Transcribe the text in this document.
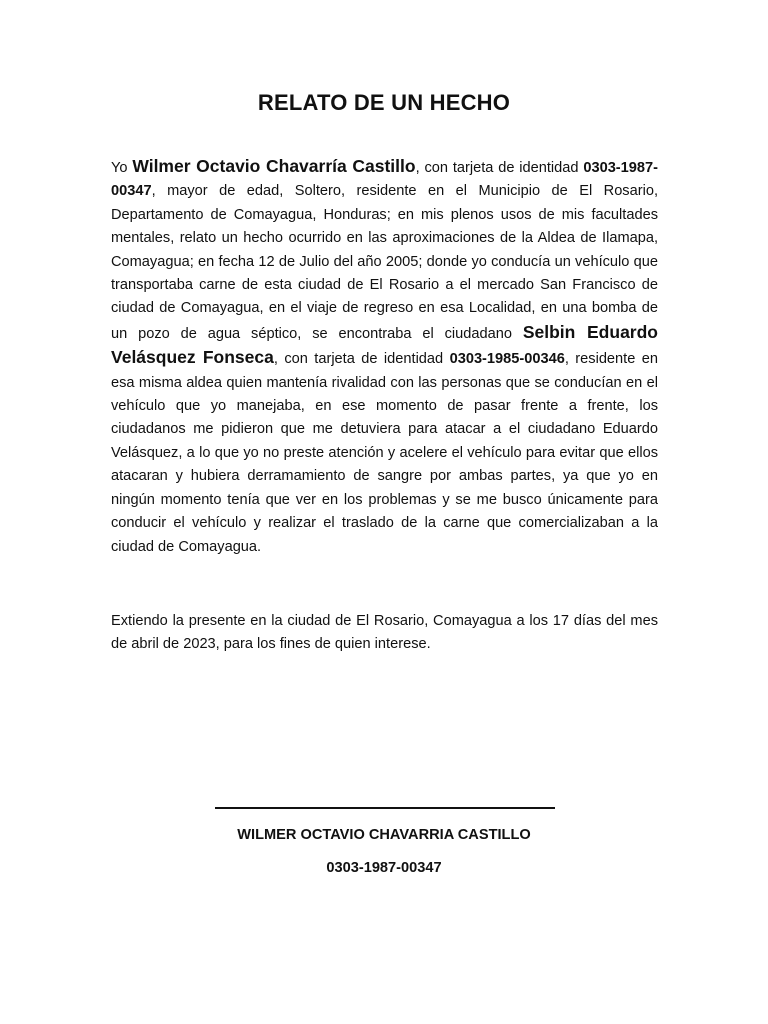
RELATO DE UN HECHO

Yo Wilmer Octavio Chavarría Castillo, con tarjeta de identidad 0303-1987-00347, mayor de edad, Soltero, residente en el Municipio de El Rosario, Departamento de Comayagua, Honduras; en mis plenos usos de mis facultades mentales, relato un hecho ocurrido en las aproximaciones de la Aldea de Ilamapa, Comayagua; en fecha 12 de Julio del año 2005; donde yo conducía un vehículo que transportaba carne de esta ciudad de El Rosario a el mercado San Francisco de ciudad de Comayagua, en el viaje de regreso en esa Localidad, en una bomba de un pozo de agua séptico, se encontraba el ciudadano Selbin Eduardo Velásquez Fonseca, con tarjeta de identidad 0303-1985-00346, residente en esa misma aldea quien mantenía rivalidad con las personas que se conducían en el vehículo que yo manejaba, en ese momento de pasar frente a frente, los ciudadanos me pidieron que me detuviera para atacar a el ciudadano Eduardo Velásquez, a lo que yo no preste atención y acelere el vehículo para evitar que ellos atacaran y hubiera derramamiento de sangre por ambas partes, ya que yo en ningún momento tenía que ver en los problemas y se me busco únicamente para conducir el vehículo y realizar el traslado de la carne que comercializaban a la ciudad de Comayagua.

Extiendo la presente en la ciudad de El Rosario, Comayagua a los 17 días del mes de abril de 2023, para los fines de quien interese.

WILMER OCTAVIO CHAVARRIA CASTILLO
0303-1987-00347
